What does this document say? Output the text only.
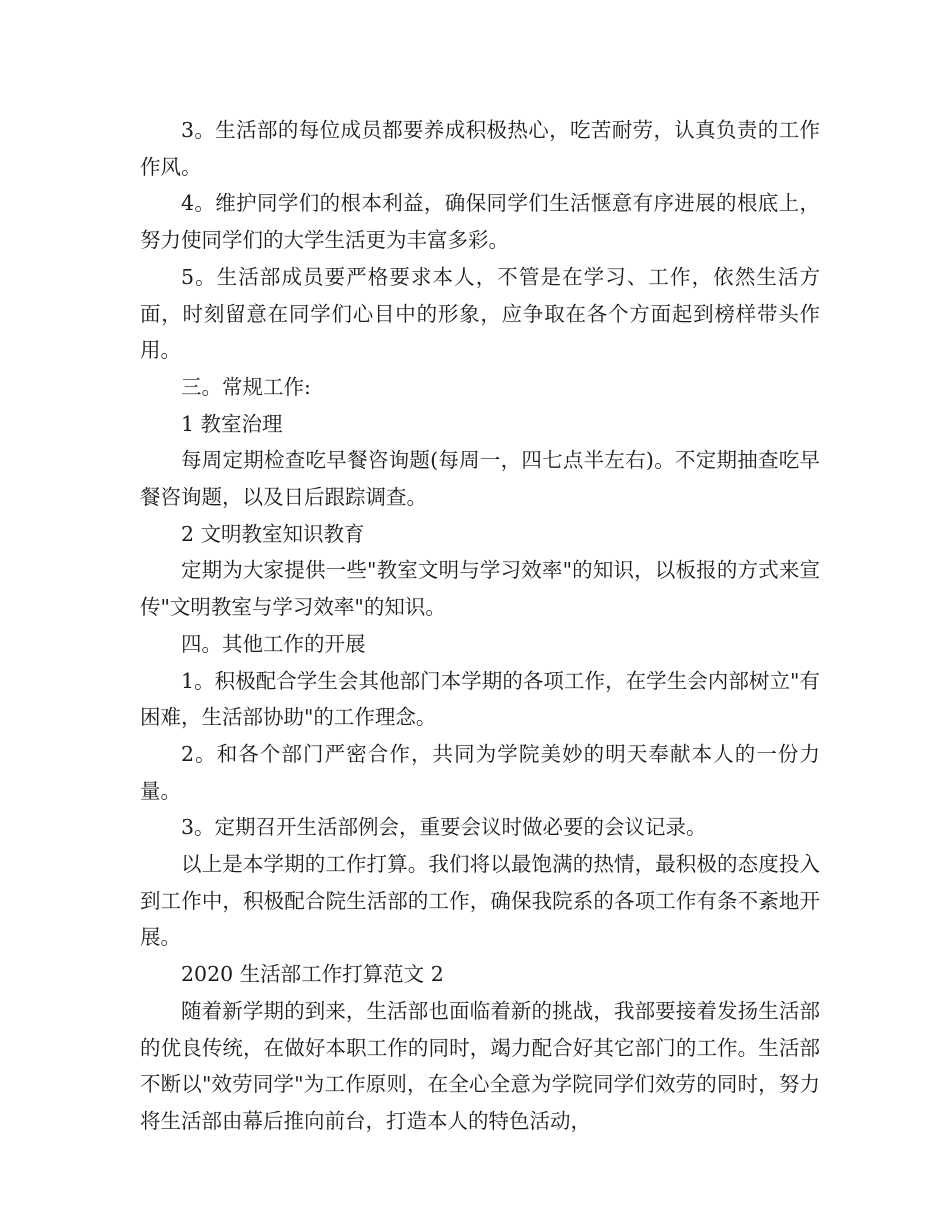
3。生活部的每位成员都要养成积极热心，吃苦耐劳，认真负责的工作作风。

4。维护同学们的根本利益，确保同学们生活惬意有序进展的根底上，努力使同学们的大学生活更为丰富多彩。

5。生活部成员要严格要求本人，不管是在学习、工作，依然生活方面，时刻留意在同学们心目中的形象，应争取在各个方面起到榜样带头作用。

三。常规工作:

1 教室治理

每周定期检查吃早餐咨询题(每周一，四七点半左右)。不定期抽查吃早餐咨询题，以及日后跟踪调查。

2 文明教室知识教育

定期为大家提供一些"教室文明与学习效率"的知识，以板报的方式来宣传"文明教室与学习效率"的知识。

四。其他工作的开展

1。积极配合学生会其他部门本学期的各项工作，在学生会内部树立"有困难，生活部协助"的工作理念。

2。和各个部门严密合作，共同为学院美妙的明天奉献本人的一份力量。

3。定期召开生活部例会，重要会议时做必要的会议记录。

以上是本学期的工作打算。我们将以最饱满的热情，最积极的态度投入到工作中，积极配合院生活部的工作，确保我院系的各项工作有条不紊地开展。

2020 生活部工作打算范文 2

随着新学期的到来，生活部也面临着新的挑战，我部要接着发扬生活部的优良传统，在做好本职工作的同时，竭力配合好其它部门的工作。生活部不断以"效劳同学"为工作原则，在全心全意为学院同学们效劳的同时，努力将生活部由幕后推向前台，打造本人的特色活动，
